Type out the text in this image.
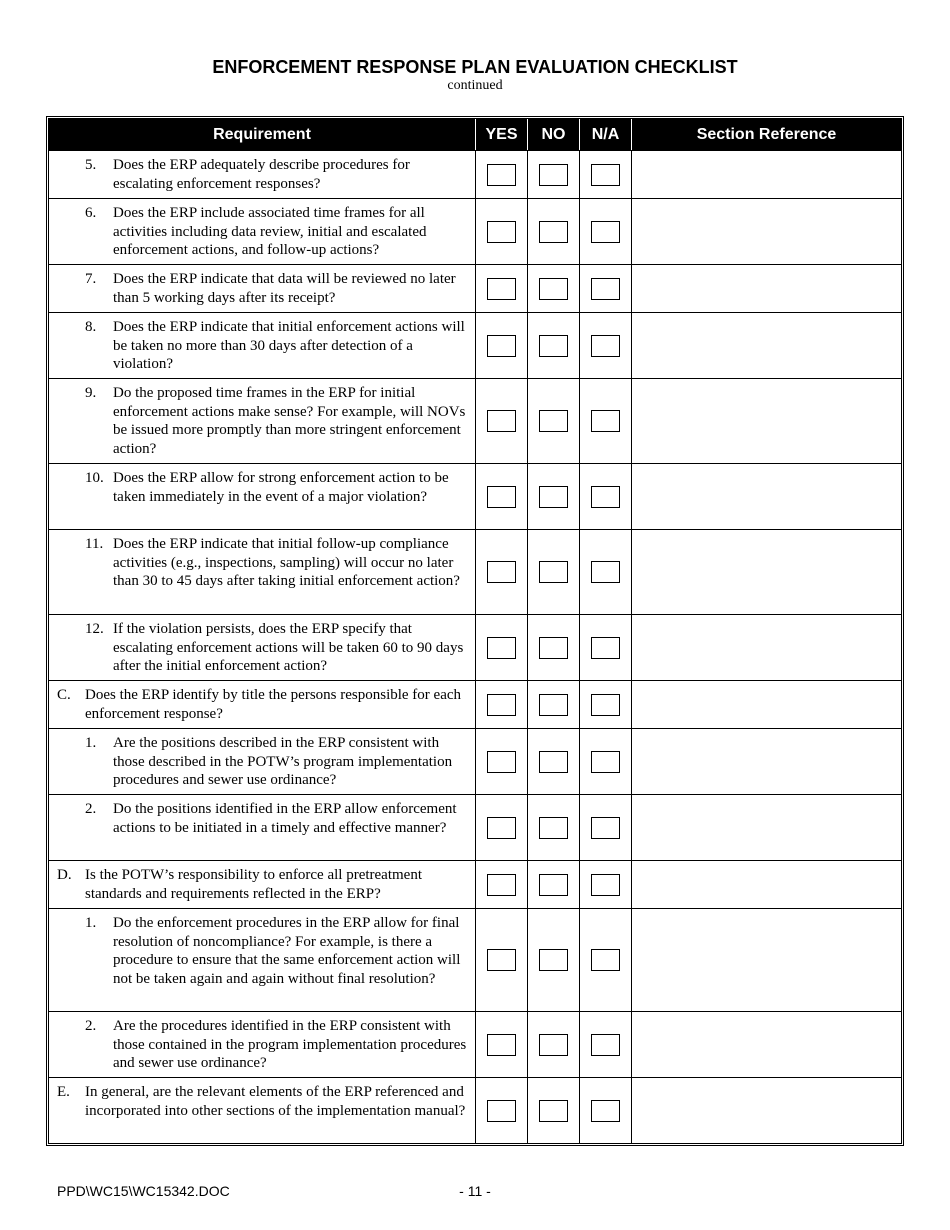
ENFORCEMENT RESPONSE PLAN EVALUATION CHECKLIST
continued
Requirement	YES	NO	N/A	Section Reference
5.	Does the ERP adequately describe procedures for escalating enforcement responses?
6.	Does the ERP include associated time frames for all activities including data review, initial and escalated enforcement actions, and follow-up actions?
7.	Does the ERP indicate that data will be reviewed no later than 5 working days after its receipt?
8.	Does the ERP indicate that initial enforcement actions will be taken no more than 30 days after detection of a violation?
9.	Do the proposed time frames in the ERP for initial enforcement actions make sense? For example, will NOVs be issued more promptly than more stringent enforcement action?
10. Does the ERP allow for strong enforcement action to be taken immediately in the event of a major violation?
11. Does the ERP indicate that initial follow-up compliance activities (e.g., inspections, sampling) will occur no later than 30 to 45 days after taking initial enforcement action?
12. If the violation persists, does the ERP specify that escalating enforcement actions will be taken 60 to 90 days after the initial enforcement action?
C. Does the ERP identify by title the persons responsible for each enforcement response?
1.	Are the positions described in the ERP consistent with those described in the POTW’s program implementation procedures and sewer use ordinance?
2.	Do the positions identified in the ERP allow enforcement actions to be initiated in a timely and effective manner?
D. Is the POTW’s responsibility to enforce all pretreatment standards and requirements reflected in the ERP?
1.	Do the enforcement procedures in the ERP allow for final resolution of noncompliance? For example, is there a procedure to ensure that the same enforcement action will not be taken again and again without final resolution?
2.	Are the procedures identified in the ERP consistent with those contained in the program implementation procedures and sewer use ordinance?
E.	In general, are the relevant elements of the ERP referenced and incorporated into other sections of the implementation manual?
PPD\WC15\WC15342.DOC	- 11 -
